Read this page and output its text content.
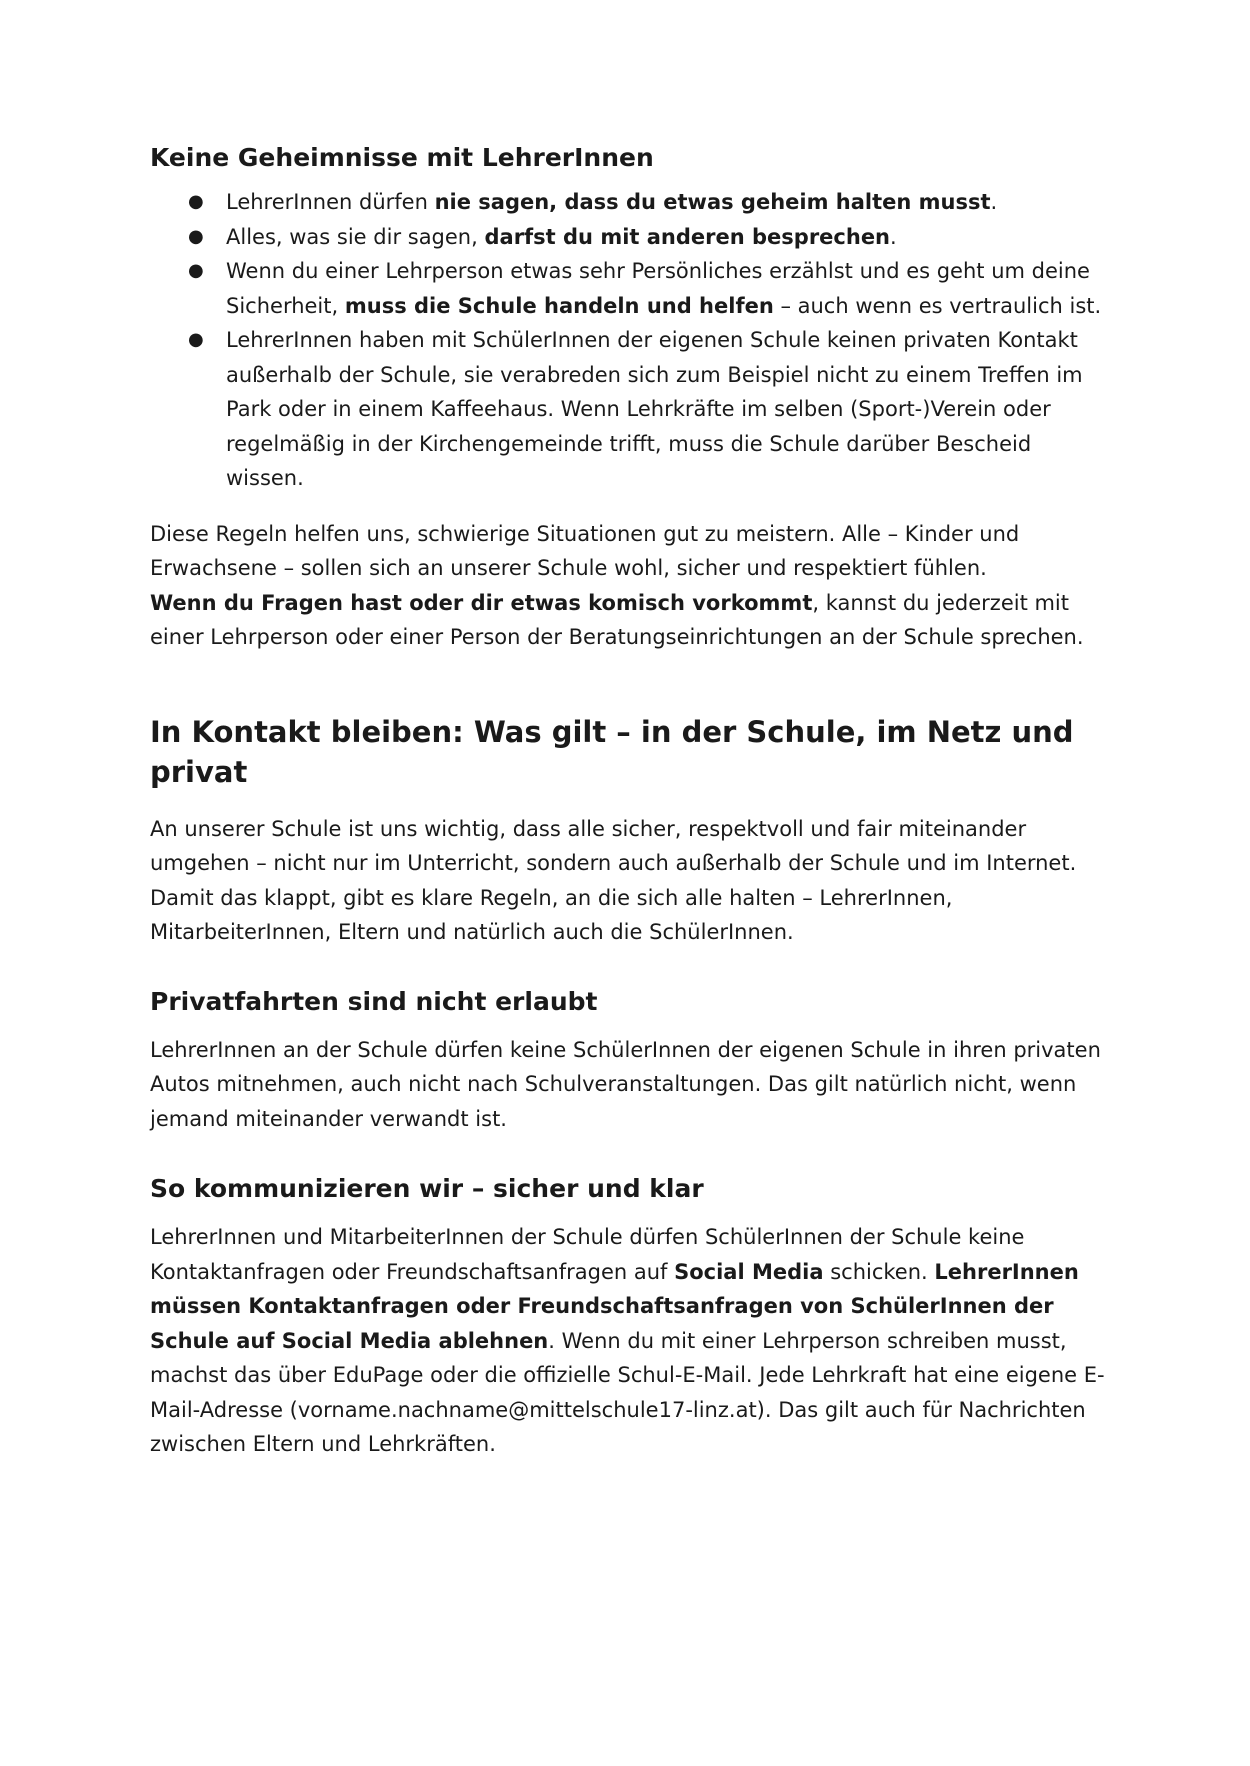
Keine Geheimnisse mit LehrerInnen
● LehrerInnen dürfen nie sagen, dass du etwas geheim halten musst.
● Alles, was sie dir sagen, darfst du mit anderen besprechen.
● Wenn du einer Lehrperson etwas sehr Persönliches erzählst und es geht um deine Sicherheit, muss die Schule handeln und helfen – auch wenn es vertraulich ist.
● LehrerInnen haben mit SchülerInnen der eigenen Schule keinen privaten Kontakt außerhalb der Schule, sie verabreden sich zum Beispiel nicht zu einem Treffen im Park oder in einem Kaffeehaus. Wenn Lehrkräfte im selben (Sport-)Verein oder regelmäßig in der Kirchengemeinde trifft, muss die Schule darüber Bescheid wissen.

Diese Regeln helfen uns, schwierige Situationen gut zu meistern. Alle – Kinder und Erwachsene – sollen sich an unserer Schule wohl, sicher und respektiert fühlen.
Wenn du Fragen hast oder dir etwas komisch vorkommt, kannst du jederzeit mit einer Lehrperson oder einer Person der Beratungseinrichtungen an der Schule sprechen.

In Kontakt bleiben: Was gilt – in der Schule, im Netz und privat

An unserer Schule ist uns wichtig, dass alle sicher, respektvoll und fair miteinander umgehen – nicht nur im Unterricht, sondern auch außerhalb der Schule und im Internet. Damit das klappt, gibt es klare Regeln, an die sich alle halten – LehrerInnen, MitarbeiterInnen, Eltern und natürlich auch die SchülerInnen.

Privatfahrten sind nicht erlaubt

LehrerInnen an der Schule dürfen keine SchülerInnen der eigenen Schule in ihren privaten Autos mitnehmen, auch nicht nach Schulveranstaltungen. Das gilt natürlich nicht, wenn jemand miteinander verwandt ist.

So kommunizieren wir – sicher und klar

LehrerInnen und MitarbeiterInnen der Schule dürfen SchülerInnen der Schule keine Kontaktanfragen oder Freundschaftsanfragen auf Social Media schicken. LehrerInnen müssen Kontaktanfragen oder Freundschaftsanfragen von SchülerInnen der Schule auf Social Media ablehnen. Wenn du mit einer Lehrperson schreiben musst, machst das über EduPage oder die offizielle Schul-E-Mail. Jede Lehrkraft hat eine eigene E-Mail-Adresse (vorname.nachname@mittelschule17-linz.at). Das gilt auch für Nachrichten zwischen Eltern und Lehrkräften.
